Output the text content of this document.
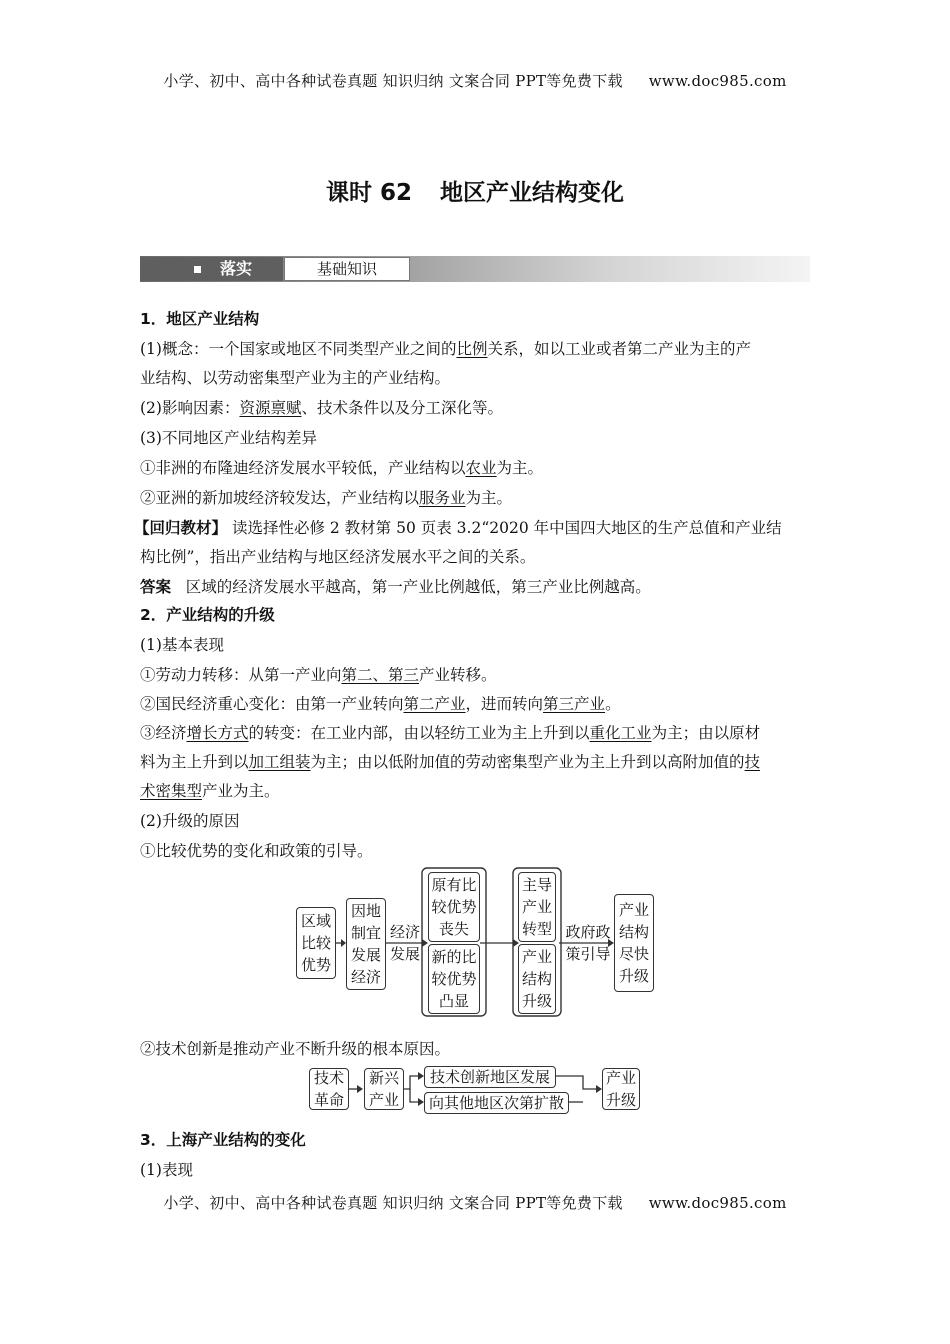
小学、初中、高中各种试卷真题 知识归纳 文案合同 PPT等免费下载 www.doc985.com
小学、初中、高中各种试卷真题 知识归纳 文案合同 PPT等免费下载 www.doc985.com
课时 62 地区产业结构变化
落实	基础知识
1．地区产业结构
(1)概念：一个国家或地区不同类型产业之间的比例关系，如以工业或者第二产业为主的产
业结构、以劳动密集型产业为主的产业结构。
(2)影响因素：资源禀赋、技术条件以及分工深化等。
(3)不同地区产业结构差异
①非洲的布隆迪经济发展水平较低，产业结构以农业为主。
②亚洲的新加坡经济较发达，产业结构以服务业为主。
【回归教材】 读选择性必修 2 教材第 50 页表 3.2“2020 年中国四大地区的生产总值和产业结
构比例”，指出产业结构与地区经济发展水平之间的关系。
答案 区域的经济发展水平越高，第一产业比例越低，第三产业比例越高。
2．产业结构的升级
(1)基本表现
①劳动力转移：从第一产业向第二、第三产业转移。
②国民经济重心变化：由第一产业转向第二产业，进而转向第三产业。
③经济增长方式的转变：在工业内部，由以轻纺工业为主上升到以重化工业为主；由以原材
料为主上升到以加工组装为主；由以低附加值的劳动密集型产业为主上升到以高附加值的技
术密集型产业为主。
(2)升级的原因
①比较优势的变化和政策的引导。
区域
比较
优势
因地
制宜
发展
经济
经济
发展
原有比
较优势
丧失
新的比
较优势
凸显
主导
产业
转型
产业
结构
升级
政府政
策引导
产业
结构
尽快
升级
②技术创新是推动产业不断升级的根本原因。
技术
革命
新兴
产业
技术创新地区发展
向其他地区次第扩散
产业
升级
3．上海产业结构的变化
(1)表现
